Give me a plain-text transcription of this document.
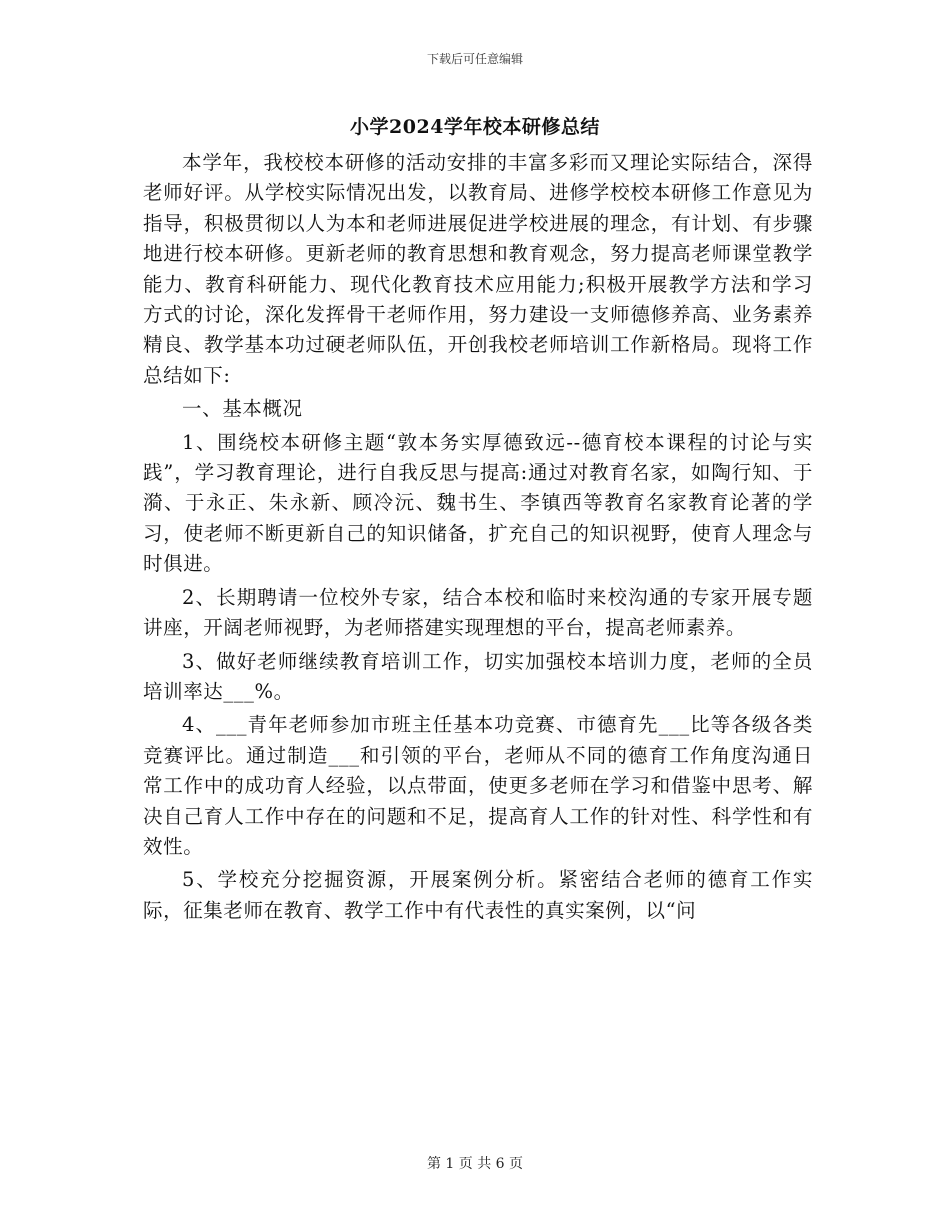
下载后可任意编辑
小学2024学年校本研修总结

本学年，我校校本研修的活动安排的丰富多彩而又理论实际结合，深得老师好评。从学校实际情况出发，以教育局、进修学校校本研修工作意见为指导，积极贯彻以人为本和老师进展促进学校进展的理念，有计划、有步骤地进行校本研修。更新老师的教育思想和教育观念，努力提高老师课堂教学能力、教育科研能力、现代化教育技术应用能力;积极开展教学方法和学习方式的讨论，深化发挥骨干老师作用，努力建设一支师德修养高、业务素养精良、教学基本功过硬老师队伍，开创我校老师培训工作新格局。现将工作总结如下:

一、基本概况

1、围绕校本研修主题“敦本务实厚德致远--德育校本课程的讨论与实践”，学习教育理论，进行自我反思与提高:通过对教育名家，如陶行知、于漪、于永正、朱永新、顾冷沅、魏书生、李镇西等教育名家教育论著的学习，使老师不断更新自己的知识储备，扩充自己的知识视野，使育人理念与时俱进。

2、长期聘请一位校外专家，结合本校和临时来校沟通的专家开展专题讲座，开阔老师视野，为老师搭建实现理想的平台，提高老师素养。

3、做好老师继续教育培训工作，切实加强校本培训力度，老师的全员培训率达___%。

4、___青年老师参加市班主任基本功竞赛、市德育先___比等各级各类竞赛评比。通过制造___和引领的平台，老师从不同的德育工作角度沟通日常工作中的成功育人经验，以点带面，使更多老师在学习和借鉴中思考、解决自己育人工作中存在的问题和不足，提高育人工作的针对性、科学性和有效性。

5、学校充分挖掘资源，开展案例分析。紧密结合老师的德育工作实际，征集老师在教育、教学工作中有代表性的真实案例，以“问

第 1 页 共 6 页
